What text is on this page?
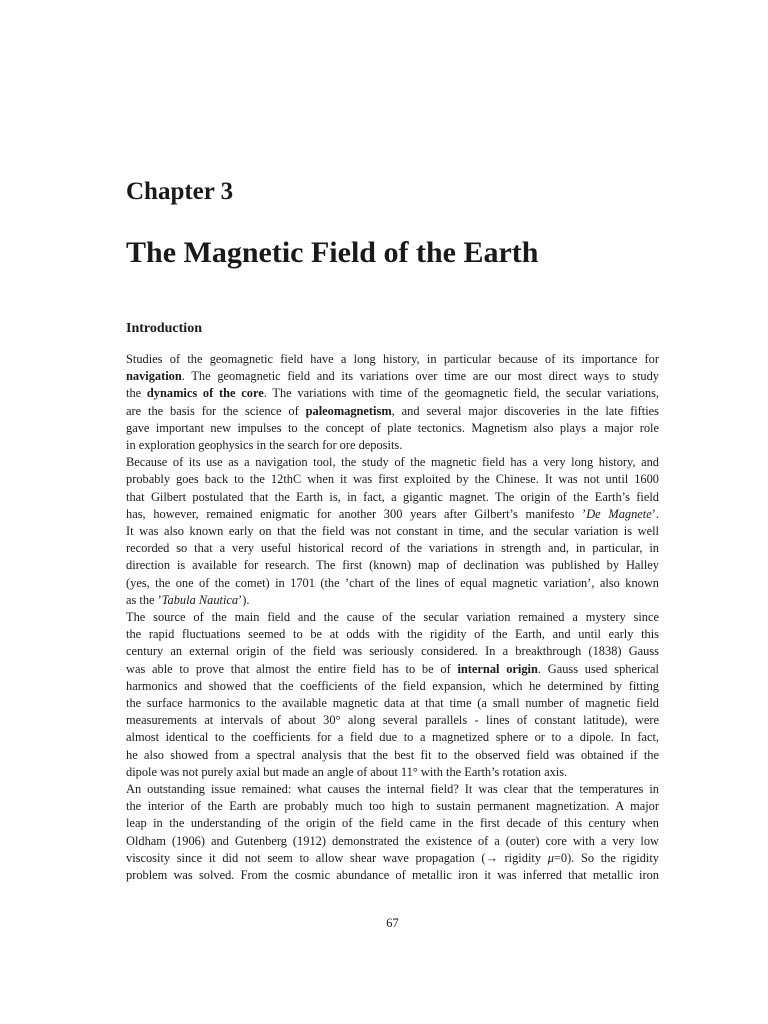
Chapter 3
The Magnetic Field of the Earth
Introduction
Studies of the geomagnetic field have a long history, in particular because of its importance for
navigation. The geomagnetic field and its variations over time are our most direct ways to study
the dynamics of the core. The variations with time of the geomagnetic field, the secular variations,
are the basis for the science of paleomagnetism, and several major discoveries in the late fifties
gave important new impulses to the concept of plate tectonics. Magnetism also plays a major role
in exploration geophysics in the search for ore deposits.
Because of its use as a navigation tool, the study of the magnetic field has a very long history, and
probably goes back to the 12thC when it was first exploited by the Chinese. It was not until 1600
that Gilbert postulated that the Earth is, in fact, a gigantic magnet. The origin of the Earth’s field
has, however, remained enigmatic for another 300 years after Gilbert’s manifesto ’De Magnete’.
It was also known early on that the field was not constant in time, and the secular variation is well
recorded so that a very useful historical record of the variations in strength and, in particular, in
direction is available for research. The first (known) map of declination was published by Halley
(yes, the one of the comet) in 1701 (the ’chart of the lines of equal magnetic variation’, also known
as the ’Tabula Nautica’).
The source of the main field and the cause of the secular variation remained a mystery since
the rapid fluctuations seemed to be at odds with the rigidity of the Earth, and until early this
century an external origin of the field was seriously considered. In a breakthrough (1838) Gauss
was able to prove that almost the entire field has to be of internal origin. Gauss used spherical
harmonics and showed that the coefficients of the field expansion, which he determined by fitting
the surface harmonics to the available magnetic data at that time (a small number of magnetic field
measurements at intervals of about 30° along several parallels - lines of constant latitude), were
almost identical to the coefficients for a field due to a magnetized sphere or to a dipole. In fact,
he also showed from a spectral analysis that the best fit to the observed field was obtained if the
dipole was not purely axial but made an angle of about 11° with the Earth’s rotation axis.
An outstanding issue remained: what causes the internal field? It was clear that the temperatures in
the interior of the Earth are probably much too high to sustain permanent magnetization. A major
leap in the understanding of the origin of the field came in the first decade of this century when
Oldham (1906) and Gutenberg (1912) demonstrated the existence of a (outer) core with a very low
viscosity since it did not seem to allow shear wave propagation (→ rigidity μ=0). So the rigidity
problem was solved. From the cosmic abundance of metallic iron it was inferred that metallic iron
67
